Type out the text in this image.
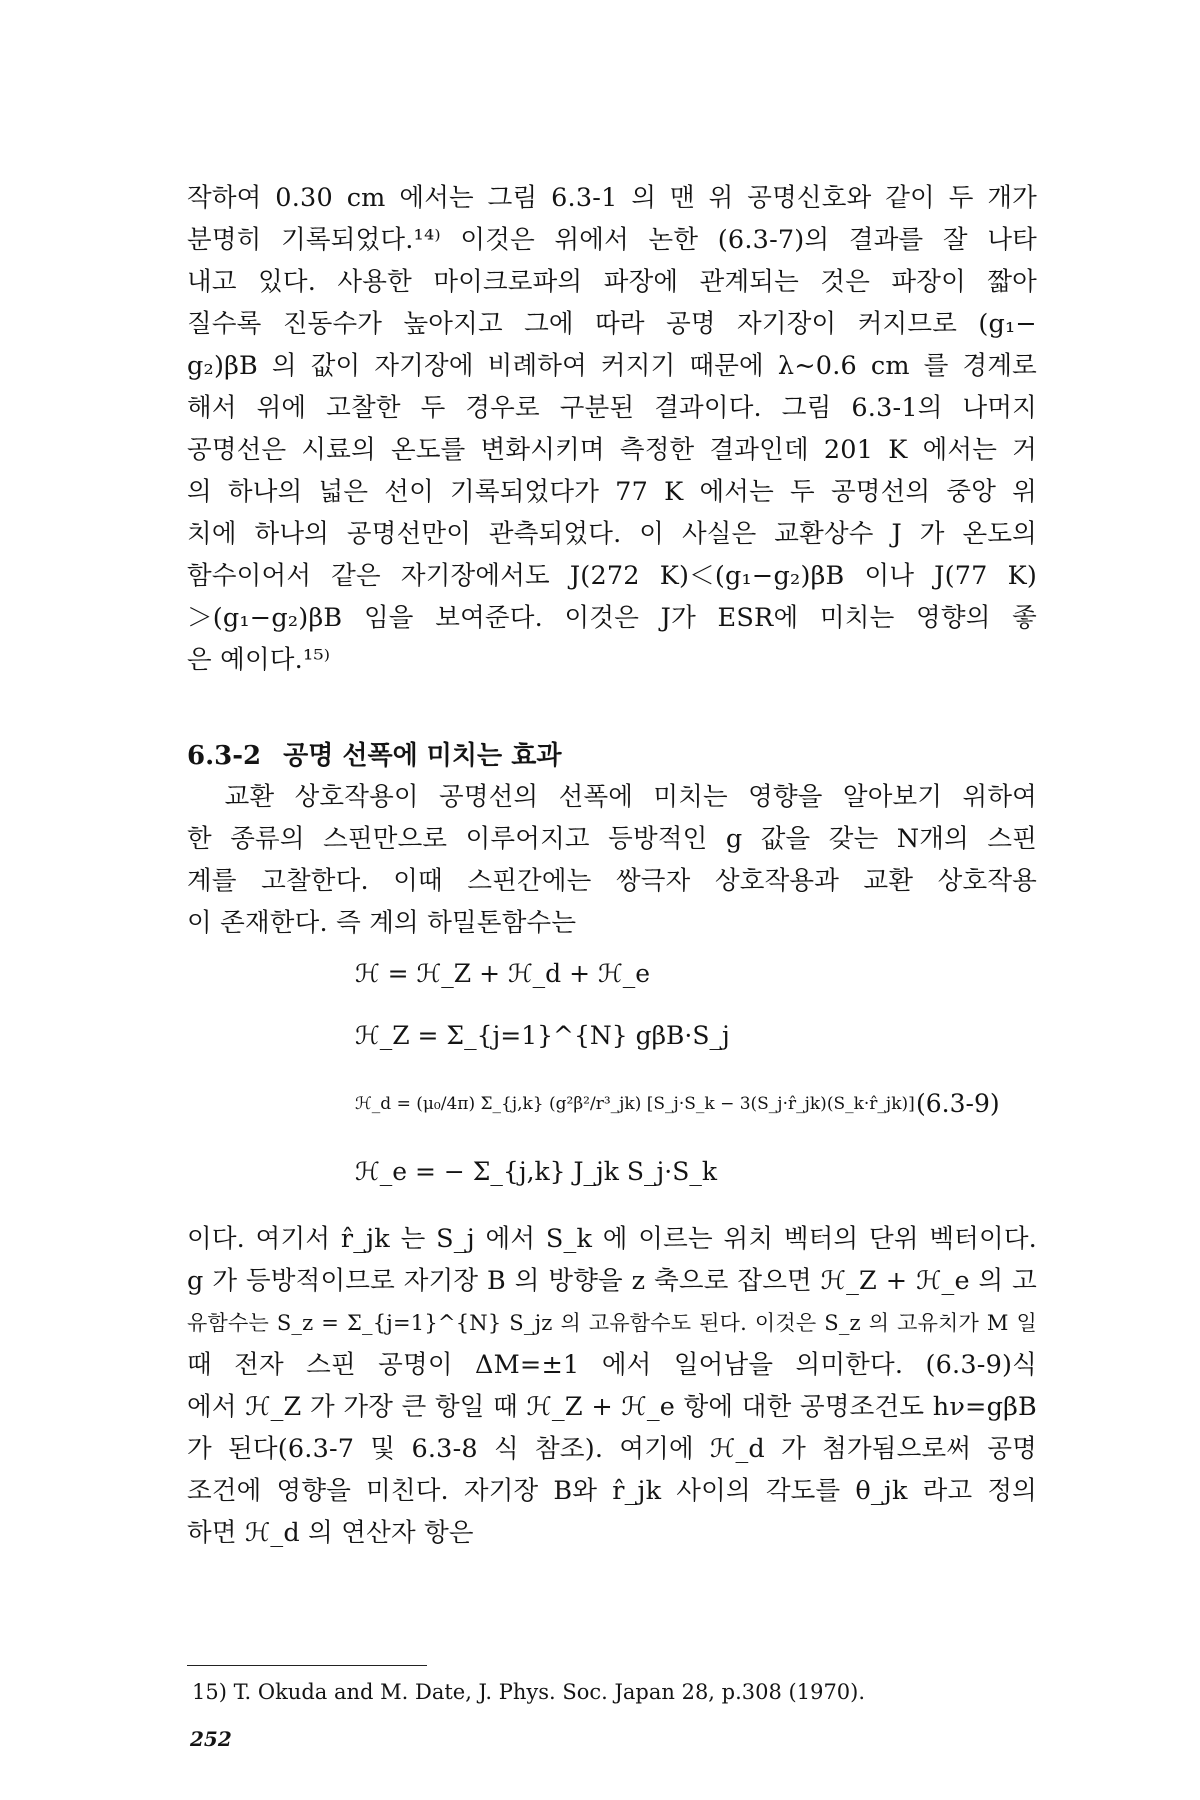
작하여 0.30 cm 에서는 그림 6.3-1 의 맨 위 공명신호와 같이 두 개가
분명히 기록되었다.¹⁴⁾ 이것은 위에서 논한 (6.3-7)의 결과를 잘 나타
내고 있다. 사용한 마이크로파의 파장에 관계되는 것은 파장이 짧아
질수록 진동수가 높아지고 그에 따라 공명 자기장이 커지므로 (g₁−
g₂)βB 의 값이 자기장에 비례하여 커지기 때문에 λ∼0.6 cm 를 경계로
해서 위에 고찰한 두 경우로 구분된 결과이다. 그림 6.3-1의 나머지
공명선은 시료의 온도를 변화시키며 측정한 결과인데 201 K 에서는 거
의 하나의 넓은 선이 기록되었다가 77 K 에서는 두 공명선의 중앙 위
치에 하나의 공명선만이 관측되었다. 이 사실은 교환상수 J 가 온도의
함수이어서 같은 자기장에서도 J(272 K)＜(g₁−g₂)βB 이나 J(77 K)
＞(g₁−g₂)βB 임을 보여준다. 이것은 J가 ESR에 미치는 영향의 좋
은 예이다.¹⁵⁾
6.3-2 공명 선폭에 미치는 효과
　교환 상호작용이 공명선의 선폭에 미치는 영향을 알아보기 위하여
한 종류의 스핀만으로 이루어지고 등방적인 g 값을 갖는 N개의 스핀
계를 고찰한다. 이때 스핀간에는 쌍극자 상호작용과 교환 상호작용
이 존재한다. 즉 계의 하밀톤함수는
ℋ = ℋ_Z + ℋ_d + ℋ_e
ℋ_Z = Σ_{j=1}^{N} gβB·S_j
ℋ_d = (μ₀/4π) Σ_{j,k} (g²β²/r³_jk) [S_j·S_k − 3(S_j·r̂_jk)(S_k·r̂_jk)] (6.3-9)
ℋ_e = − Σ_{j,k} J_jk S_j·S_k
이다. 여기서 r̂_jk 는 S_j 에서 S_k 에 이르는 위치 벡터의 단위 벡터이다.
g 가 등방적이므로 자기장 B 의 방향을 z 축으로 잡으면 ℋ_Z + ℋ_e 의 고
유함수는 S_z = Σ_{j=1}^{N} S_jz 의 고유함수도 된다. 이것은 S_z 의 고유치가 M 일
때 전자 스핀 공명이 ΔM=±1 에서 일어남을 의미한다. (6.3-9)식
에서 ℋ_Z 가 가장 큰 항일 때 ℋ_Z + ℋ_e 항에 대한 공명조건도 hν=gβB
가 된다(6.3-7 및 6.3-8 식 참조). 여기에 ℋ_d 가 첨가됨으로써 공명
조건에 영향을 미친다. 자기장 B와 r̂_jk 사이의 각도를 θ_jk 라고 정의
하면 ℋ_d 의 연산자 항은
15) T. Okuda and M. Date, J. Phys. Soc. Japan 28, p.308 (1970).
252
